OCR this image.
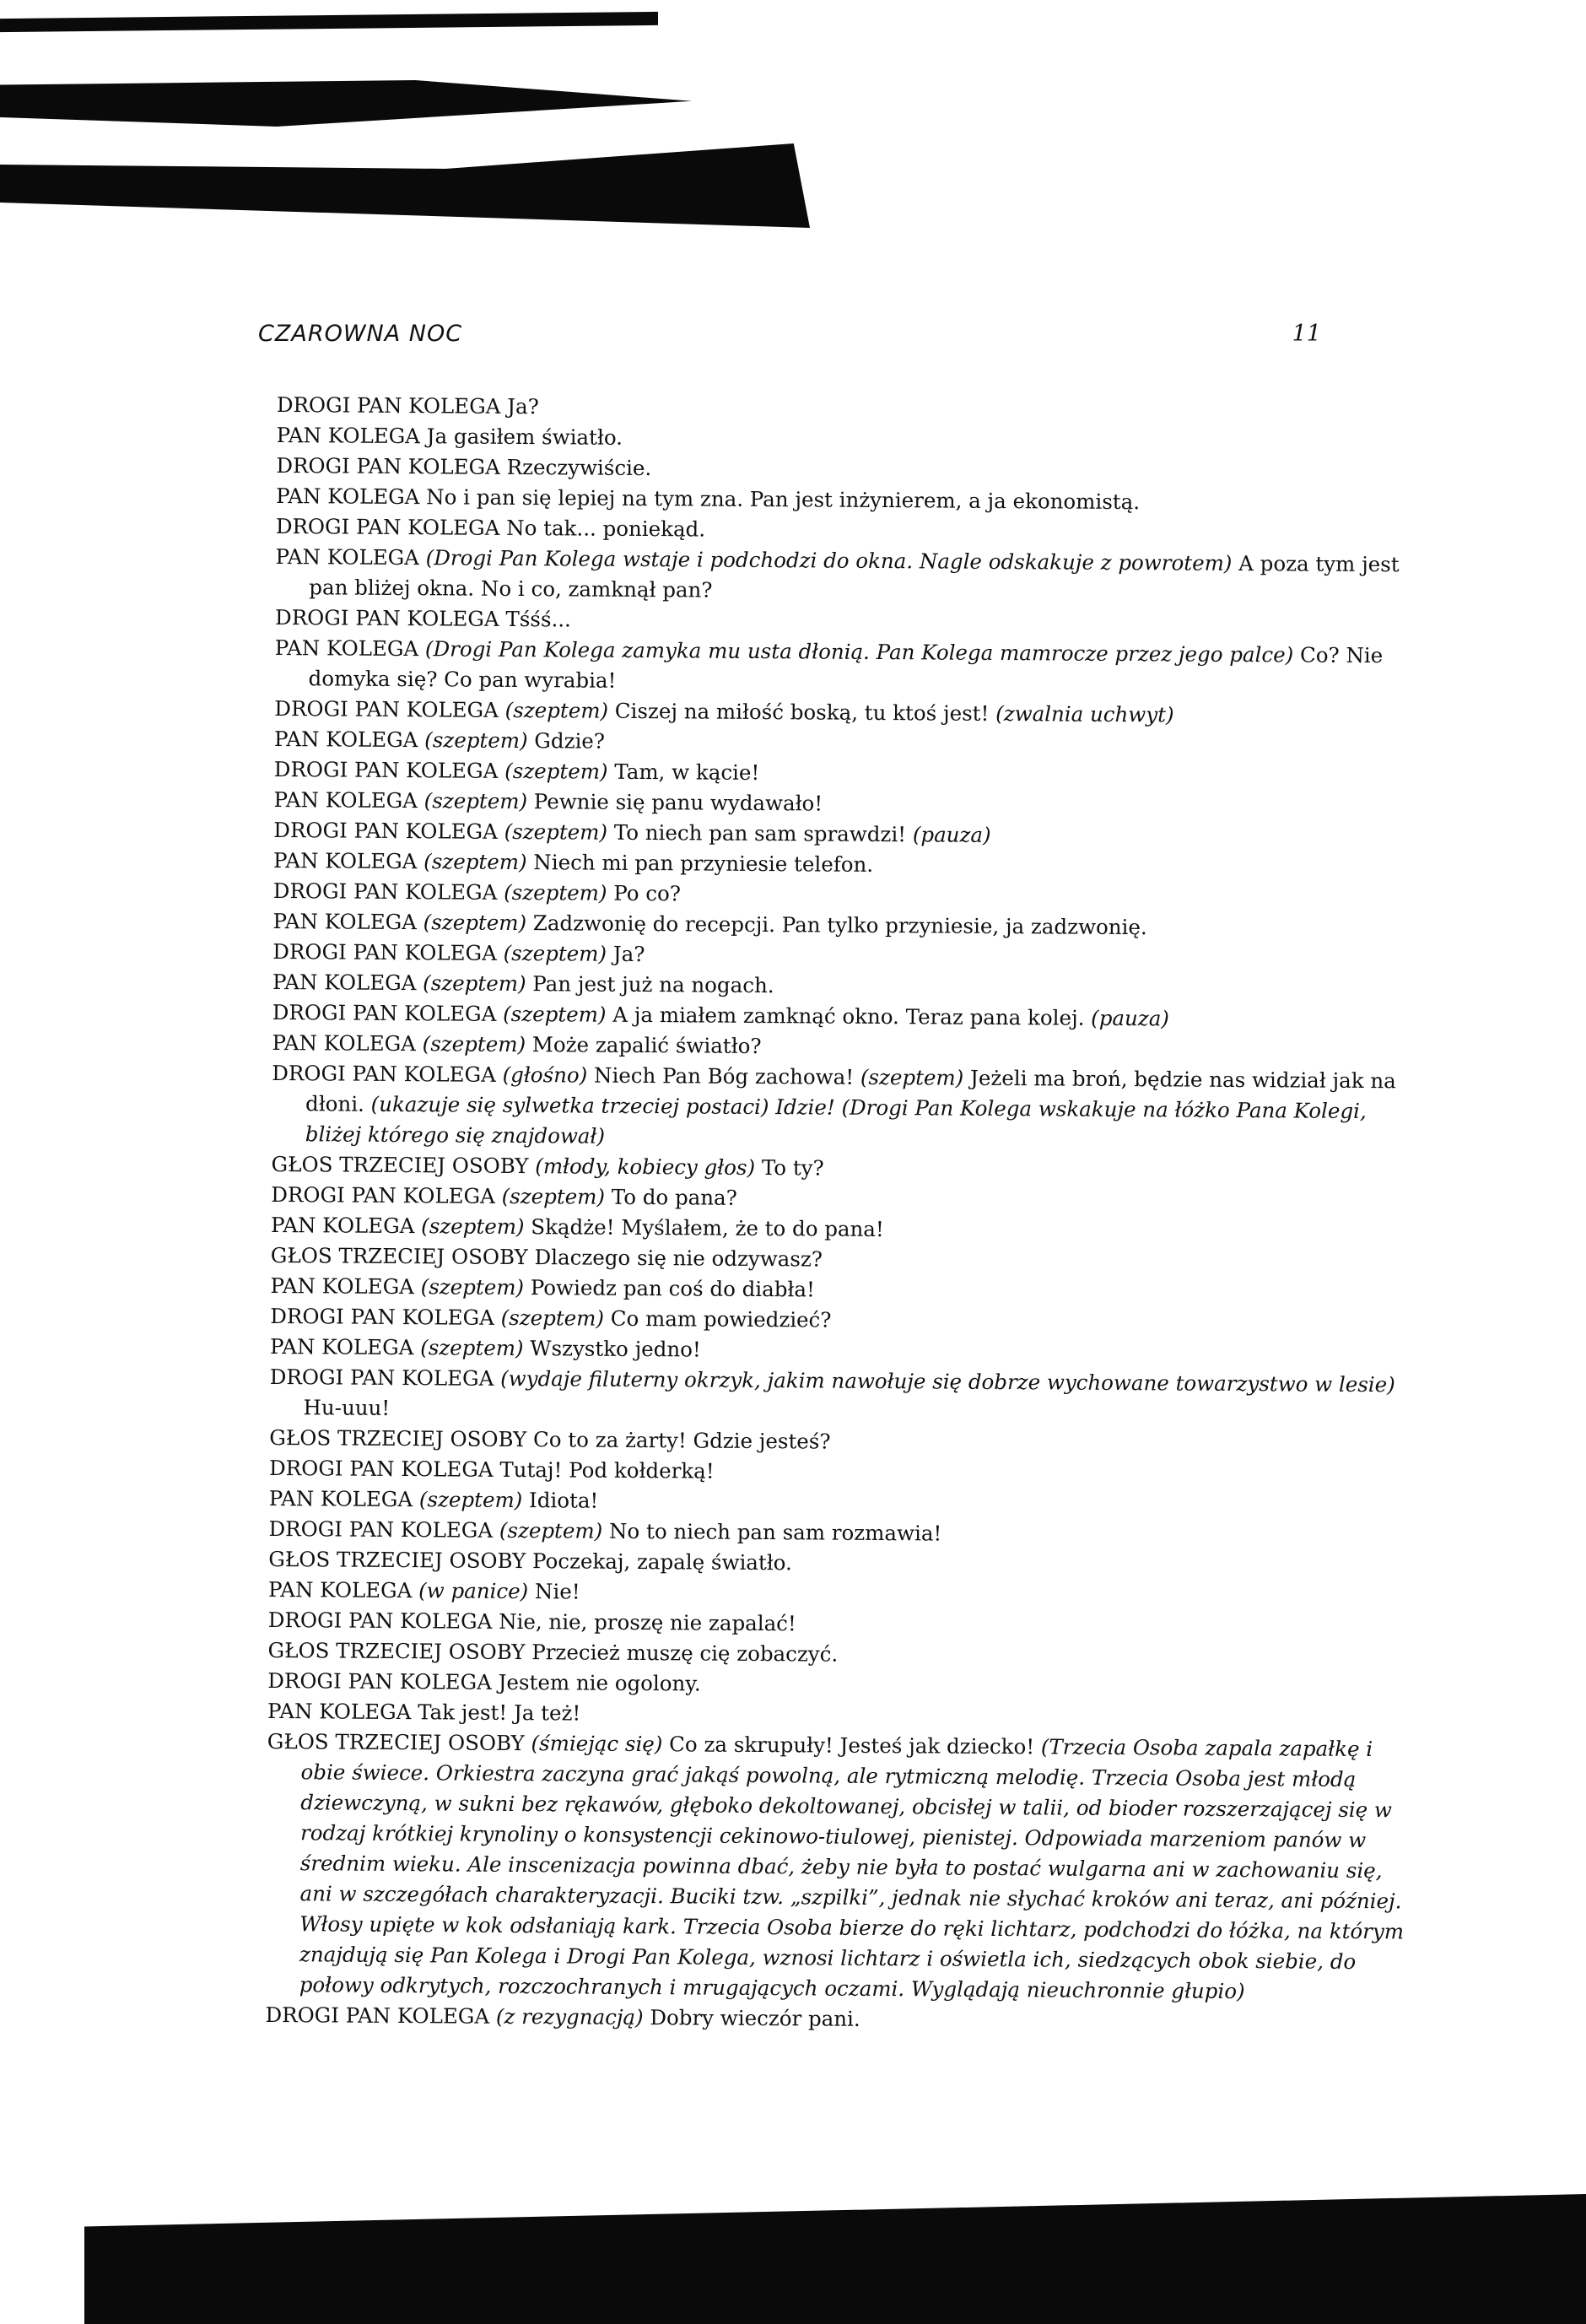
CZAROWNA NOC	11

DROGI PAN KOLEGA Ja?

PAN KOLEGA Ja gasiłem światło.

DROGI PAN KOLEGA Rzeczywiście.

PAN KOLEGA No i pan się lepiej na tym zna. Pan jest inżynierem, a ja ekonomistą.

DROGI PAN KOLEGA No tak... poniekąd.

PAN KOLEGA (Drogi Pan Kolega wstaje i podchodzi do okna. Nagle odskakuje z powrotem) A poza tym jest pan bliżej okna. No i co, zamknął pan?

DROGI PAN KOLEGA Tśśś...

PAN KOLEGA (Drogi Pan Kolega zamyka mu usta dłonią. Pan Kolega mamrocze przez jego palce) Co? Nie domyka się? Co pan wyrabia!

DROGI PAN KOLEGA (szeptem) Ciszej na miłość boską, tu ktoś jest! (zwalnia uchwyt)

PAN KOLEGA (szeptem) Gdzie?

DROGI PAN KOLEGA (szeptem) Tam, w kącie!

PAN KOLEGA (szeptem) Pewnie się panu wydawało!

DROGI PAN KOLEGA (szeptem) To niech pan sam sprawdzi! (pauza)

PAN KOLEGA (szeptem) Niech mi pan przyniesie telefon.

DROGI PAN KOLEGA (szeptem) Po co?

PAN KOLEGA (szeptem) Zadzwonię do recepcji. Pan tylko przyniesie, ja zadzwonię.

DROGI PAN KOLEGA (szeptem) Ja?

PAN KOLEGA (szeptem) Pan jest już na nogach.

DROGI PAN KOLEGA (szeptem) A ja miałem zamknąć okno. Teraz pana kolej. (pauza)

PAN KOLEGA (szeptem) Może zapalić światło?

DROGI PAN KOLEGA (głośno) Niech Pan Bóg zachowa! (szeptem) Jeżeli ma broń, będzie nas widział jak na dłoni. (ukazuje się sylwetka trzeciej postaci) Idzie! (Drogi Pan Kolega wskakuje na łóżko Pana Kolegi, bliżej którego się znajdował)

GŁOS TRZECIEJ OSOBY (młody, kobiecy głos) To ty?

DROGI PAN KOLEGA (szeptem) To do pana?

PAN KOLEGA (szeptem) Skądże! Myślałem, że to do pana!

GŁOS TRZECIEJ OSOBY Dlaczego się nie odzywasz?

PAN KOLEGA (szeptem) Powiedz pan coś do diabła!

DROGI PAN KOLEGA (szeptem) Co mam powiedzieć?

PAN KOLEGA (szeptem) Wszystko jedno!

DROGI PAN KOLEGA (wydaje filuterny okrzyk, jakim nawołuje się dobrze wychowane towarzystwo w lesie) Hu-uuu!

GŁOS TRZECIEJ OSOBY Co to za żarty! Gdzie jesteś?

DROGI PAN KOLEGA Tutaj! Pod kołderką!

PAN KOLEGA (szeptem) Idiota!

DROGI PAN KOLEGA (szeptem) No to niech pan sam rozmawia!

GŁOS TRZECIEJ OSOBY Poczekaj, zapalę światło.

PAN KOLEGA (w panice) Nie!

DROGI PAN KOLEGA Nie, nie, proszę nie zapalać!

GŁOS TRZECIEJ OSOBY Przecież muszę cię zobaczyć.

DROGI PAN KOLEGA Jestem nie ogolony.

PAN KOLEGA Tak jest! Ja też!

GŁOS TRZECIEJ OSOBY (śmiejąc się) Co za skrupuły! Jesteś jak dziecko! (Trzecia Osoba zapala zapałkę i obie świece. Orkiestra zaczyna grać jakąś powolną, ale rytmiczną melodię. Trzecia Osoba jest młodą dziewczyną, w sukni bez rękawów, głęboko dekoltowanej, obcisłej w talii, od bioder rozszerzającej się w rodzaj krótkiej krynoliny o konsystencji cekinowo-tiulowej, pienistej. Odpowiada marzeniom panów w średnim wieku. Ale inscenizacja powinna dbać, żeby nie była to postać wulgarna ani w zachowaniu się, ani w szczegółach charakteryzacji. Buciki tzw. „szpilki”, jednak nie słychać kroków ani teraz, ani później. Włosy upięte w kok odsłaniają kark. Trzecia Osoba bierze do ręki lichtarz, podchodzi do łóżka, na którym znajdują się Pan Kolega i Drogi Pan Kolega, wznosi lichtarz i oświetla ich, siedzących obok siebie, do połowy odkrytych, rozczochranych i mrugających oczami. Wyglądają nieuchronnie głupio)

DROGI PAN KOLEGA (z rezygnacją) Dobry wieczór pani.
